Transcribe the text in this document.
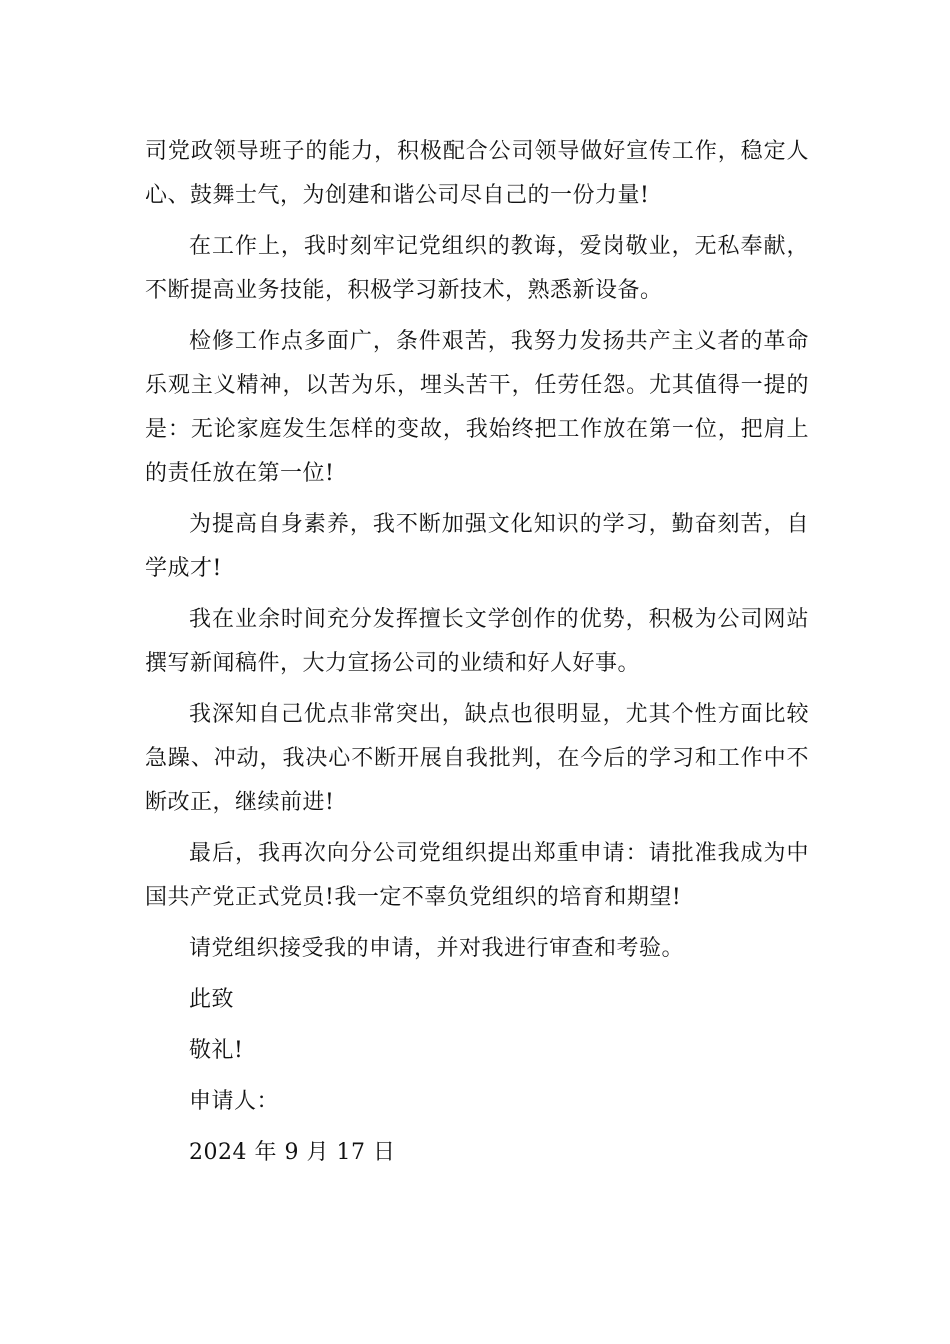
司党政领导班子的能力，积极配合公司领导做好宣传工作，稳定人心、鼓舞士气，为创建和谐公司尽自己的一份力量!

在工作上，我时刻牢记党组织的教诲，爱岗敬业，无私奉献，不断提高业务技能，积极学习新技术，熟悉新设备。

检修工作点多面广，条件艰苦，我努力发扬共产主义者的革命乐观主义精神，以苦为乐，埋头苦干，任劳任怨。尤其值得一提的是：无论家庭发生怎样的变故，我始终把工作放在第一位，把肩上的责任放在第一位!

为提高自身素养，我不断加强文化知识的学习，勤奋刻苦，自学成才!

我在业余时间充分发挥擅长文学创作的优势，积极为公司网站撰写新闻稿件，大力宣扬公司的业绩和好人好事。

我深知自己优点非常突出，缺点也很明显，尤其个性方面比较急躁、冲动，我决心不断开展自我批判，在今后的学习和工作中不断改正，继续前进!

最后，我再次向分公司党组织提出郑重申请：请批准我成为中国共产党正式党员!我一定不辜负党组织的培育和期望!

请党组织接受我的申请，并对我进行审查和考验。

此致

敬礼!

申请人：

2024 年 9 月 17 日
